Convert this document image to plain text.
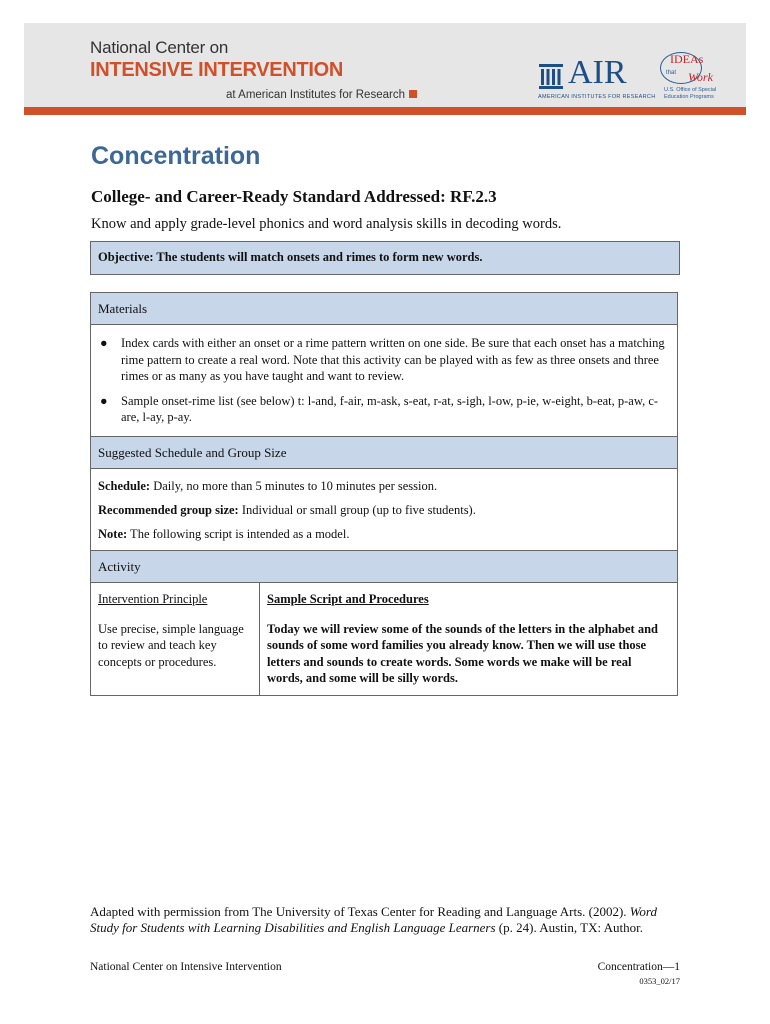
National Center on
INTENSIVE INTERVENTION
at American Institutes for Research
AIR
AMERICAN INSTITUTES FOR RESEARCH
IDEAs
that Work
U.S. Office of Special Education Programs
Concentration
College- and Career-Ready Standard Addressed: RF.2.3
Know and apply grade-level phonics and word analysis skills in decoding words.
Objective: The students will match onsets and rimes to form new words.
Materials
● Index cards with either an onset or a rime pattern written on one side. Be sure that each onset has a matching rime pattern to create a real word. Note that this activity can be played with as few as three onsets and three rimes or as many as you have taught and want to review.
● Sample onset-rime list (see below) t: l-and, f-air, m-ask, s-eat, r-at, s-igh, l-ow, p-ie, w-eight, b-eat, p-aw, c-are, l-ay, p-ay.
Suggested Schedule and Group Size

Schedule: Daily, no more than 5 minutes to 10 minutes per session.

Recommended group size: Individual or small group (up to five students).

Note: The following script is intended as a model.

Activity
Intervention Principle
Use precise, simple language to review and teach key concepts or procedures.
Sample Script and Procedures
Today we will review some of the sounds of the letters in the alphabet and sounds of some word families you already know. Then we will use those letters and sounds to create words. Some words we make will be real words, and some will be silly words.
Adapted with permission from The University of Texas Center for Reading and Language Arts. (2002). Word Study for Students with Learning Disabilities and English Language Learners (p. 24). Austin, TX: Author.
National Center on Intensive Intervention	Concentration—1
0353_02/17
